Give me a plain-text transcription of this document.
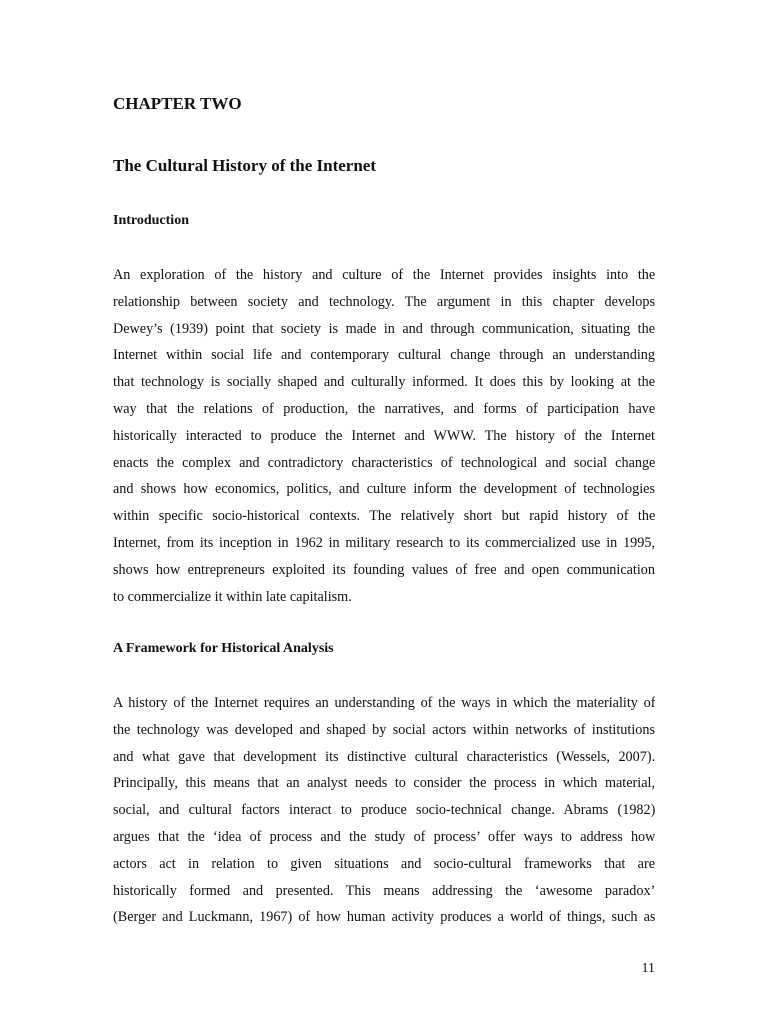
CHAPTER TWO
The Cultural History of the Internet
Introduction

An exploration of the history and culture of the Internet provides insights into the
relationship between society and technology. The argument in this chapter develops
Dewey’s (1939) point that society is made in and through communication, situating the
Internet within social life and contemporary cultural change through an understanding
that technology is socially shaped and culturally informed. It does this by looking at the
way that the relations of production, the narratives, and forms of participation have
historically interacted to produce the Internet and WWW. The history of the Internet
enacts the complex and contradictory characteristics of technological and social change
and shows how economics, politics, and culture inform the development of technologies
within specific socio-historical contexts. The relatively short but rapid history of the
Internet, from its inception in 1962 in military research to its commercialized use in 1995,
shows how entrepreneurs exploited its founding values of free and open communication
to commercialize it within late capitalism.

A Framework for Historical Analysis

A history of the Internet requires an understanding of the ways in which the materiality of
the technology was developed and shaped by social actors within networks of institutions
and what gave that development its distinctive cultural characteristics (Wessels, 2007).
Principally, this means that an analyst needs to consider the process in which material,
social, and cultural factors interact to produce socio-technical change. Abrams (1982)
argues that the ‘idea of process and the study of process’ offer ways to address how
actors act in relation to given situations and socio-cultural frameworks that are
historically formed and presented. This means addressing the ‘awesome paradox’
(Berger and Luckmann, 1967) of how human activity produces a world of things, such as

11
